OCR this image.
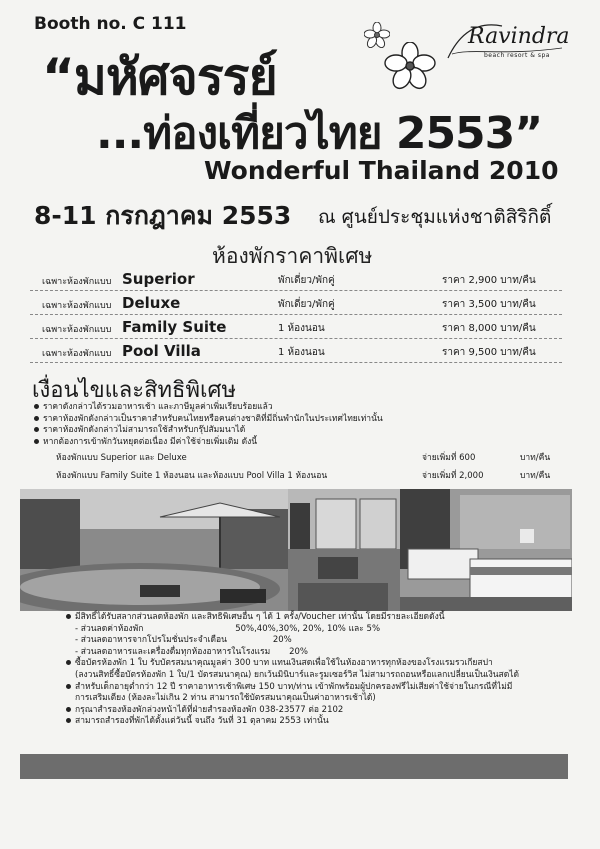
Booth no. C 111	Ravindra
beach resort & spa
“มหัศจรรย์
...ท่องเที่ยวไทย 2553”
Wonderful Thailand 2010
8-11 กรกฎาคม 2553 ณ ศูนย์ประชุมแห่งชาติสิริกิติ์
ห้องพักราคาพิเศษ
เฉพาะห้องพักแบบ Superior	พักเดี่ยว/พักคู่	ราคา 2,900 บาท/คืน
เฉพาะห้องพักแบบ Deluxe	พักเดี่ยว/พักคู่	ราคา 3,500 บาท/คืน
เฉพาะห้องพักแบบ Family Suite	1 ห้องนอน	ราคา 8,000 บาท/คืน
เฉพาะห้องพักแบบ Pool Villa	1 ห้องนอน	ราคา 9,500 บาท/คืน
เงื่อนไขและสิทธิพิเศษ
ราคาดังกล่าวได้รวมอาหารเช้า และภาษีมูลค่าเพิ่มเรียบร้อยแล้ว
ราคาห้องพักดังกล่าวเป็นราคาสำหรับคนไทยหรือคนต่างชาติที่มีถิ่นพำนักในประเทศไทยเท่านั้น
ราคาห้องพักดังกล่าวไม่สามารถใช้สำหรับกรุ๊ปสัมมนาได้
หากต้องการเข้าพักวันหยุดต่อเนื่อง มีค่าใช้จ่ายเพิ่มเติม ดังนี้
ห้องพักแบบ Superior และ Deluxe	จ่ายเพิ่มที่ 600	บาท/คืน
ห้องพักแบบ Family Suite 1 ห้องนอน และห้องแบบ Pool Villa 1 ห้องนอน	จ่ายเพิ่มที่ 2,000	บาท/คืน
มีสิทธิ์ได้รับสลากส่วนลดห้องพัก และสิทธิพิเศษอื่น ๆ ได้ 1 ครั้ง/Voucher เท่านั้น โดยมีรายละเอียดดังนี้
- ส่วนลดค่าห้องพัก                                  50%,40%,30%, 20%, 10% และ 5%
- ส่วนลดอาหารจากโปรโมชั่นประจำเดือน                 20%
- ส่วนลดอาหารและเครื่องดื่มทุกห้องอาหารในโรงแรม       20%
ซื้อบัตรห้องพัก 1 ใบ รับบัตรสมนาคุณมูลค่า 300 บาท แทนเงินสดเพื่อใช้ในห้องอาหารทุกห้องของโรงแรมรวเกียสปา
(ลงวนสิทธิ์ซื้อบัตรห้องพัก 1 ใบ/1 บัตรสมนาคุณ) ยกเว้นมินิบาร์และรูมเซอร์วิส ไม่สามารถถอนหรือแลกเปลี่ยนเป็นเงินสดได้
สำหรับเด็กอายุต่ำกว่า 12 ปี ราคาอาหารเช้าพิเศษ 150 บาท/ท่าน เข้าพักพร้อมผู้ปกครองฟรีไม่เสียค่าใช้จ่ายในกรณีที่ไม่มี
การเสริมเตียง (ห้องละไม่เกิน 2 ท่าน สามารถใช้บัตรสมนาคุณเป็นค่าอาหารเช้าได้)
กรุณาสำรองห้องพักล่วงหน้าได้ที่ฝ่ายสำรองห้องพัก 038-23577 ต่อ 2102
สามารถสำรองที่พักได้ตั้งแต่วันนี้ จนถึง วันที่ 31 ตุลาคม 2553 เท่านั้น
